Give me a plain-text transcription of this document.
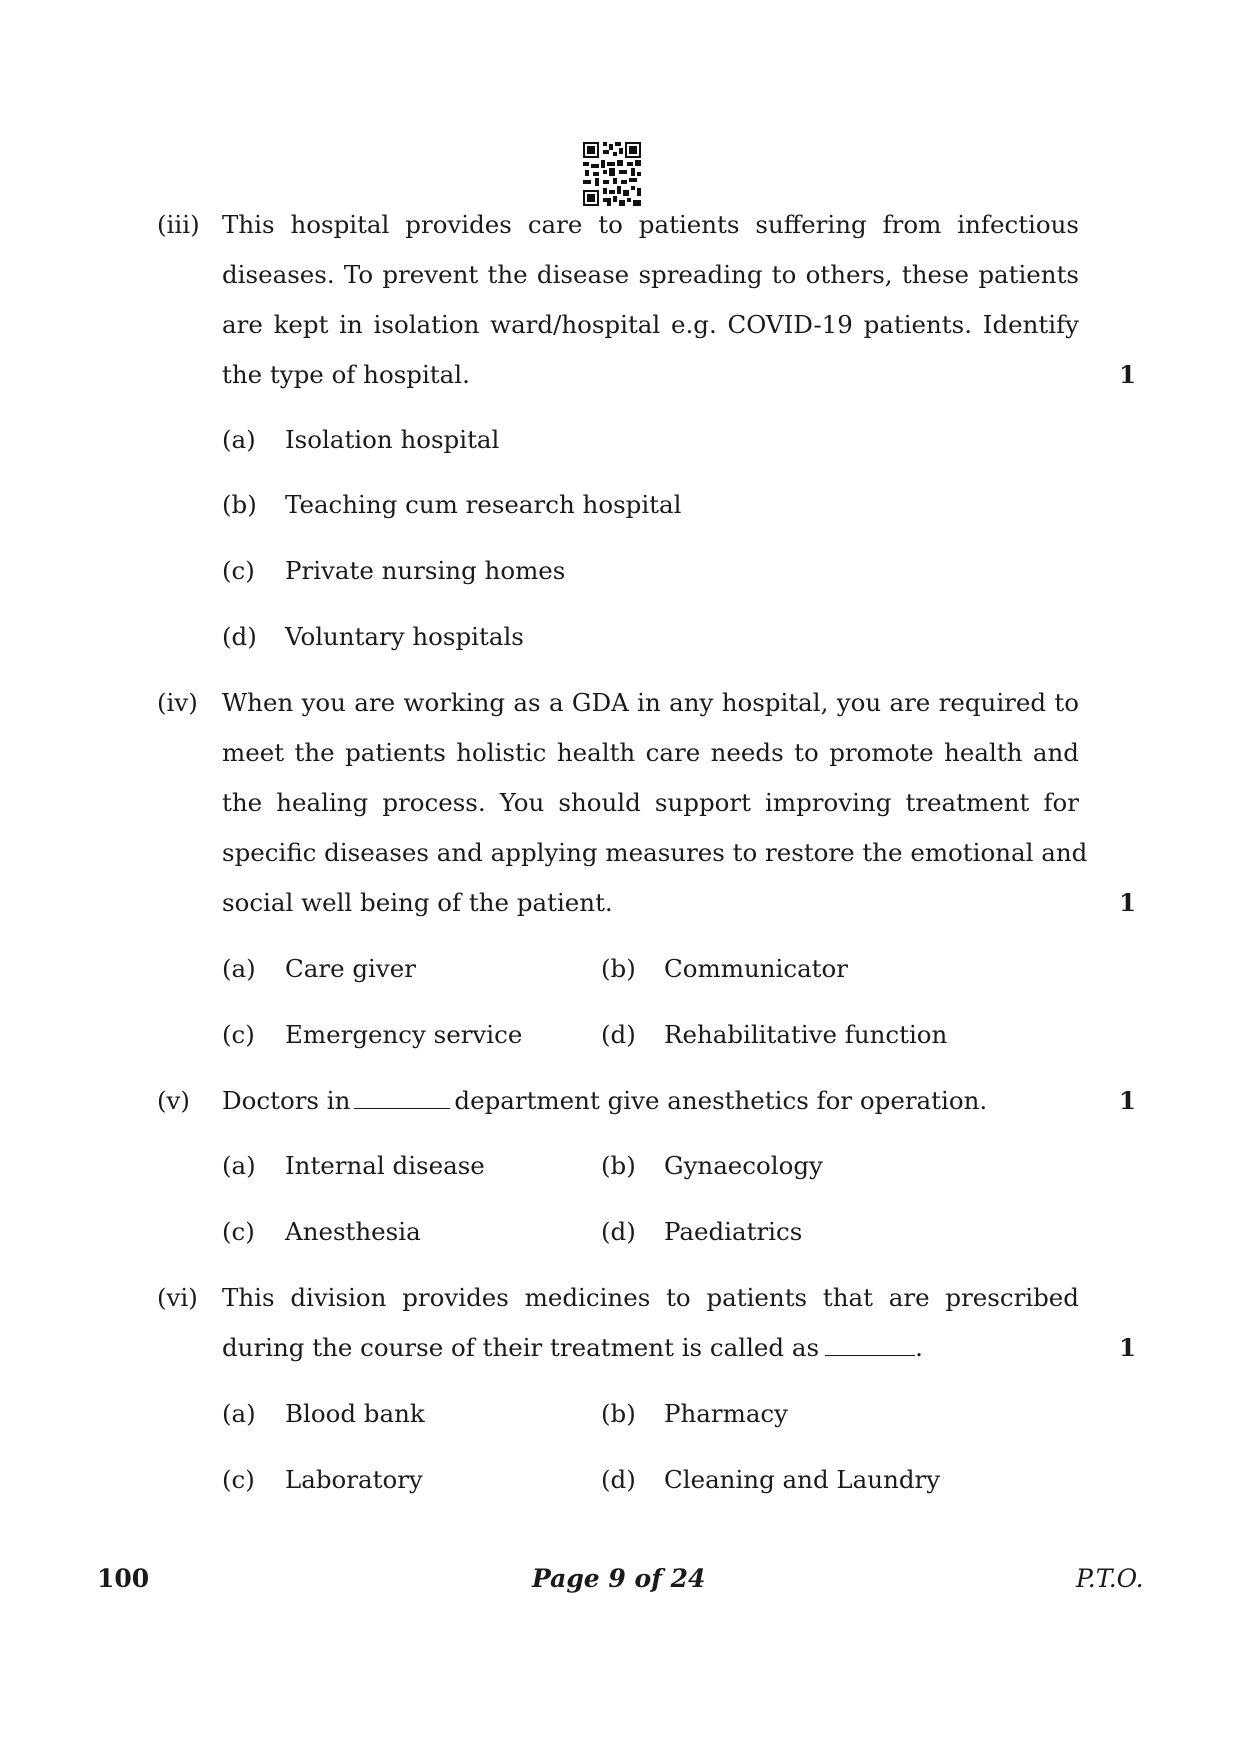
(iii) This hospital provides care to patients suffering from infectious
diseases. To prevent the disease spreading to others, these patients
are kept in isolation ward/hospital e.g. COVID-19 patients. Identify
the type of hospital.	1
(a) Isolation hospital
(b) Teaching cum research hospital
(c) Private nursing homes
(d) Voluntary hospitals
(iv) When you are working as a GDA in any hospital, you are required to
meet the patients holistic health care needs to promote health and
the healing process. You should support improving treatment for
specific diseases and applying measures to restore the emotional and
social well being of the patient.	1
(a) Care giver	(b) Communicator
(c) Emergency service	(d) Rehabilitative function
(v) Doctors in	department give anesthetics for operation.	1
(a) Internal disease	(b) Gynaecology
(c) Anesthesia	(d) Paediatrics
(vi) This division provides medicines to patients that are prescribed
during the course of their treatment is called as	.	1
(a) Blood bank	(b) Pharmacy
(c) Laboratory	(d) Cleaning and Laundry
100	Page 9 of 24	P.T.O.
